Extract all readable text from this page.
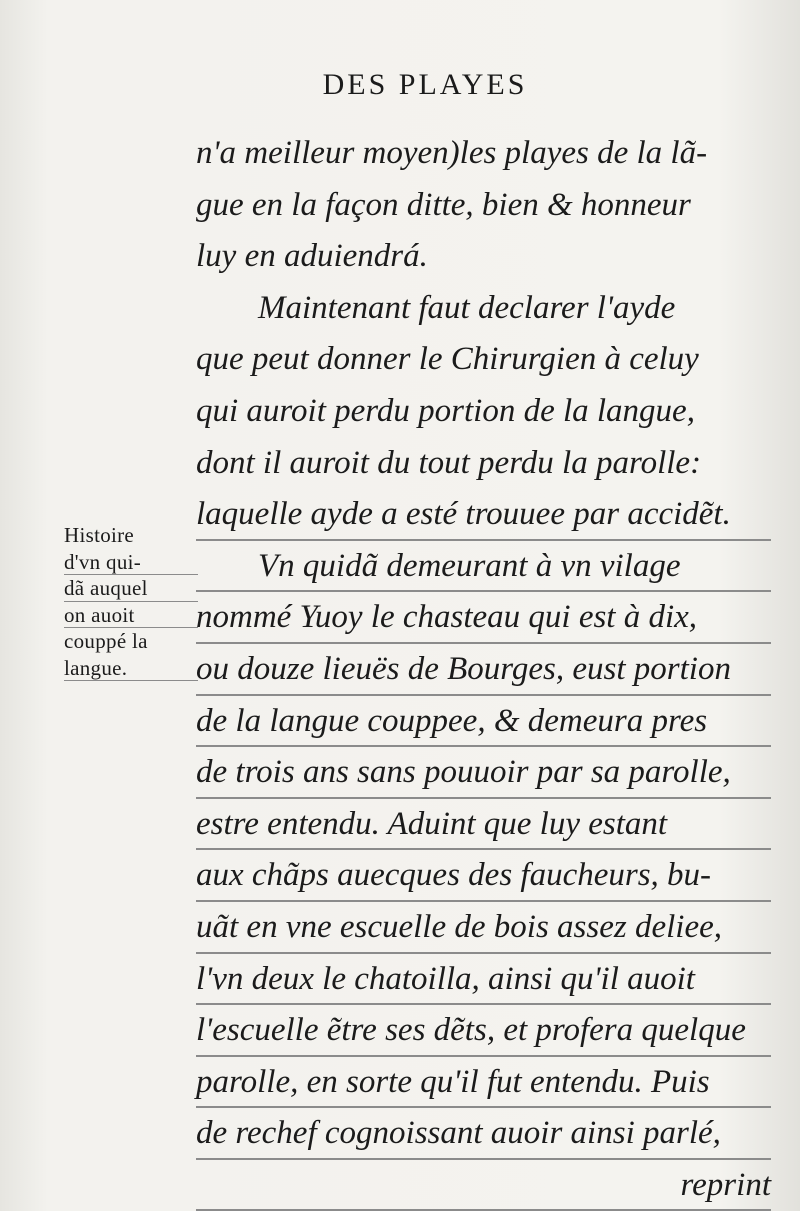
DES PLAYES
n'a meilleur moyen)les playes de la lã-
gue en la façon ditte, bien & honneur
luy en aduiendrá.
Maintenant faut declarer l'ayde
que peut donner le Chirurgien à celuy
qui auroit perdu portion de la langue,
dont il auroit du tout perdu la parolle:
laquelle ayde a esté trouuee par accidẽt.
Vn quidã demeurant à vn vilage
nommé Yuoy le chasteau qui est à dix,
ou douze lieuës de Bourges, eust portion
de la langue couppee, & demeura pres
de trois ans sans pouuoir par sa parolle,
estre entendu. Aduint que luy estant
aux chãps auecques des faucheurs, bu-
uãt en vne escuelle de bois assez deliee,
l'vn deux le chatoilla, ainsi qu'il auoit
l'escuelle ẽtre ses dẽts, et profera quelque
parolle, en sorte qu'il fut entendu. Puis
de rechef cognoissant auoir ainsi parlé,
reprint
Histoire
d'vn qui-
dã auquel
on auoit
couppé la
langue.
